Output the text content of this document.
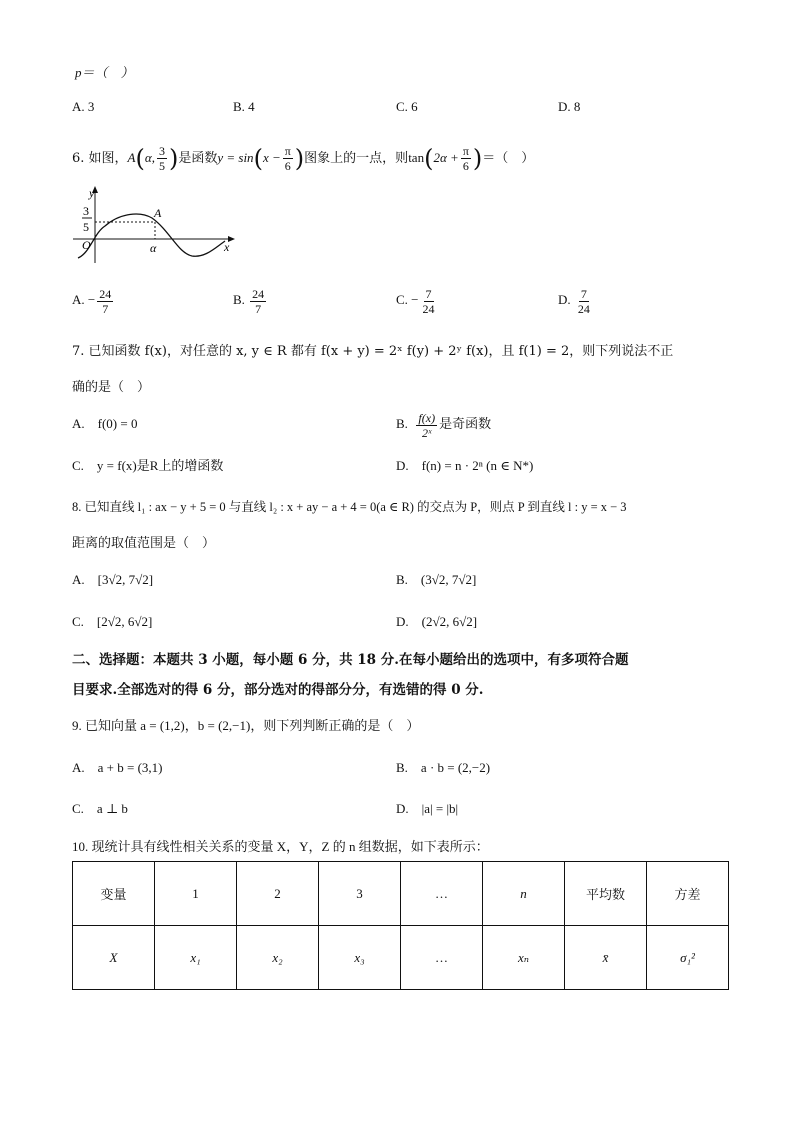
p＝（　）
A. 3	B. 4	C. 6	D. 8
6. 如图，A(α, $\frac{3}{5}$ )是函数$y = \sin(x - \frac{\pi}{6}$ )图象上的一点，则$\tan(2\alpha + \frac{\pi}{6}$ )＝（　）
y
x
O
3
5
A
α
A. − $\frac{24}{7}$	B. $\frac{24}{7}$	C. − $\frac{7}{24}$	D. $\frac{7}{24}$
7. 已知函数 f(x)，对任意的 x, y ∈ R 都有 f(x + y) = 2ˣ f(y) + 2ʸ f(x)，且 f(1) = 2，则下列说法不正
确的是（　）
A.　f(0) = 0	B. $\frac{f(x)}{\text{2ˣ}}$ 是奇函数
C.　y = f(x)是R上的增函数	D.　f(n) = n · 2ⁿ (n ∈ N*)
8. 已知直线 l₁ : ax − y + 5 = 0 与直线 l₂ : x + ay − a + 4 = 0(a ∈ R) 的交点为 P，则点 P 到直线 l : y = x − 3
距离的取值范围是（　）
A.　[3√2, 7√2]	B.　(3√2, 7√2]
C.　[2√2, 6√2]	D.　(2√2, 6√2]
二、选择题：本题共 3 小题，每小题 6 分，共 18 分.在每小题给出的选项中，有多项符合题
目要求.全部选对的得 6 分，部分选对的得部分分，有选错的得 0 分.
9. 已知向量 a = (1,2)，b = (2,−1)，则下列判断正确的是（　）
A.　a + b = (3,1)	B.　a · b = (2,−2)
C.　a ⊥ b	D.　|a| = |b|
10. 现统计具有线性相关关系的变量 X，Y，Z 的 n 组数据，如下表所示：
变量	1	2	3	…	n	平均数	方差
X	x₁	x₂	x₃	…	xₙ	x̄	σ₁²
